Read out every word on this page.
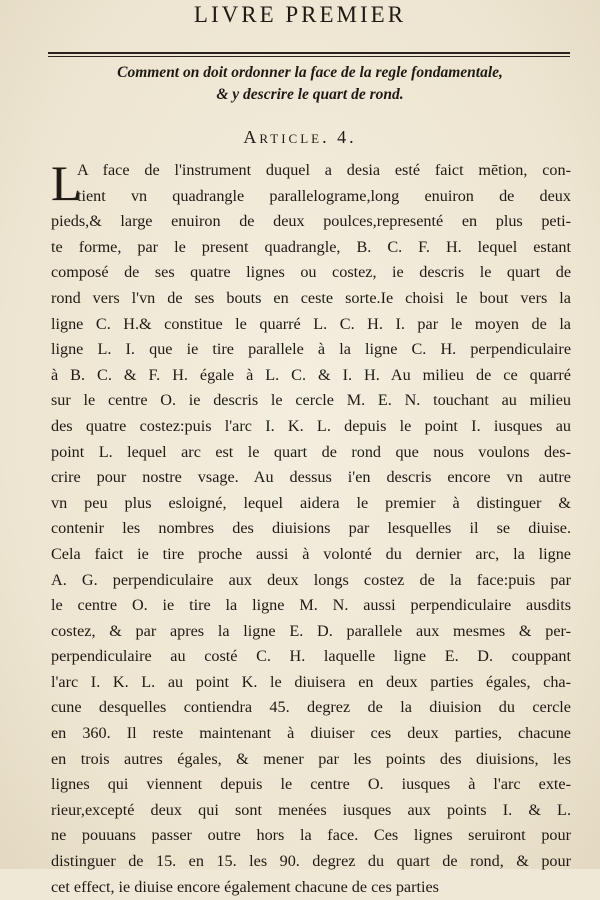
LIVRE PREMIER
Comment on doit ordonner la face de la regle fondamentale,
& y descrire le quart de rond.
Article. 4.
L
A face de l'instrument duquel a desia esté faict mētion, con-
tient vn quadrangle parallelograme,long enuiron de deux
pieds,& large enuiron de deux poulces,representé en plus peti-
te forme, par le present quadrangle, B. C. F. H. lequel estant
composé de ses quatre lignes ou costez, ie descris le quart de
rond vers l'vn de ses bouts en ceste sorte.Ie choisi le bout vers la
ligne C. H.& constitue le quarré L. C. H. I. par le moyen de la
ligne L. I. que ie tire parallele à la ligne C. H. perpendiculaire
à B. C. & F. H. égale à L. C. & I. H. Au milieu de ce quarré
sur le centre O. ie descris le cercle M. E. N. touchant au milieu
des quatre costez:puis l'arc I. K. L. depuis le point I. iusques au
point L. lequel arc est le quart de rond que nous voulons des-
crire pour nostre vsage. Au dessus i'en descris encore vn autre
vn peu plus esloigné, lequel aidera le premier à distinguer &
contenir les nombres des diuisions par lesquelles il se diuise.
Cela faict ie tire proche aussi à volonté du dernier arc, la ligne
A. G. perpendiculaire aux deux longs costez de la face:puis par
le centre O. ie tire la ligne M. N. aussi perpendiculaire ausdits
costez, & par apres la ligne E. D. parallele aux mesmes & per-
perpendiculaire au costé C. H. laquelle ligne E. D. couppant
l'arc I. K. L. au point K. le diuisera en deux parties égales, cha-
cune desquelles contiendra 45. degrez de la diuision du cercle
en 360. Il reste maintenant à diuiser ces deux parties, chacune
en trois autres égales, & mener par les points des diuisions, les
lignes qui viennent depuis le centre O. iusques à l'arc exte-
rieur,excepté deux qui sont menées iusques aux points I. & L.
ne pouuans passer outre hors la face. Ces lignes seruiront pour
distinguer de 15. en 15. les 90. degrez du quart de rond, & pour
cet effect, ie diuise encore également chacune de ces parties
